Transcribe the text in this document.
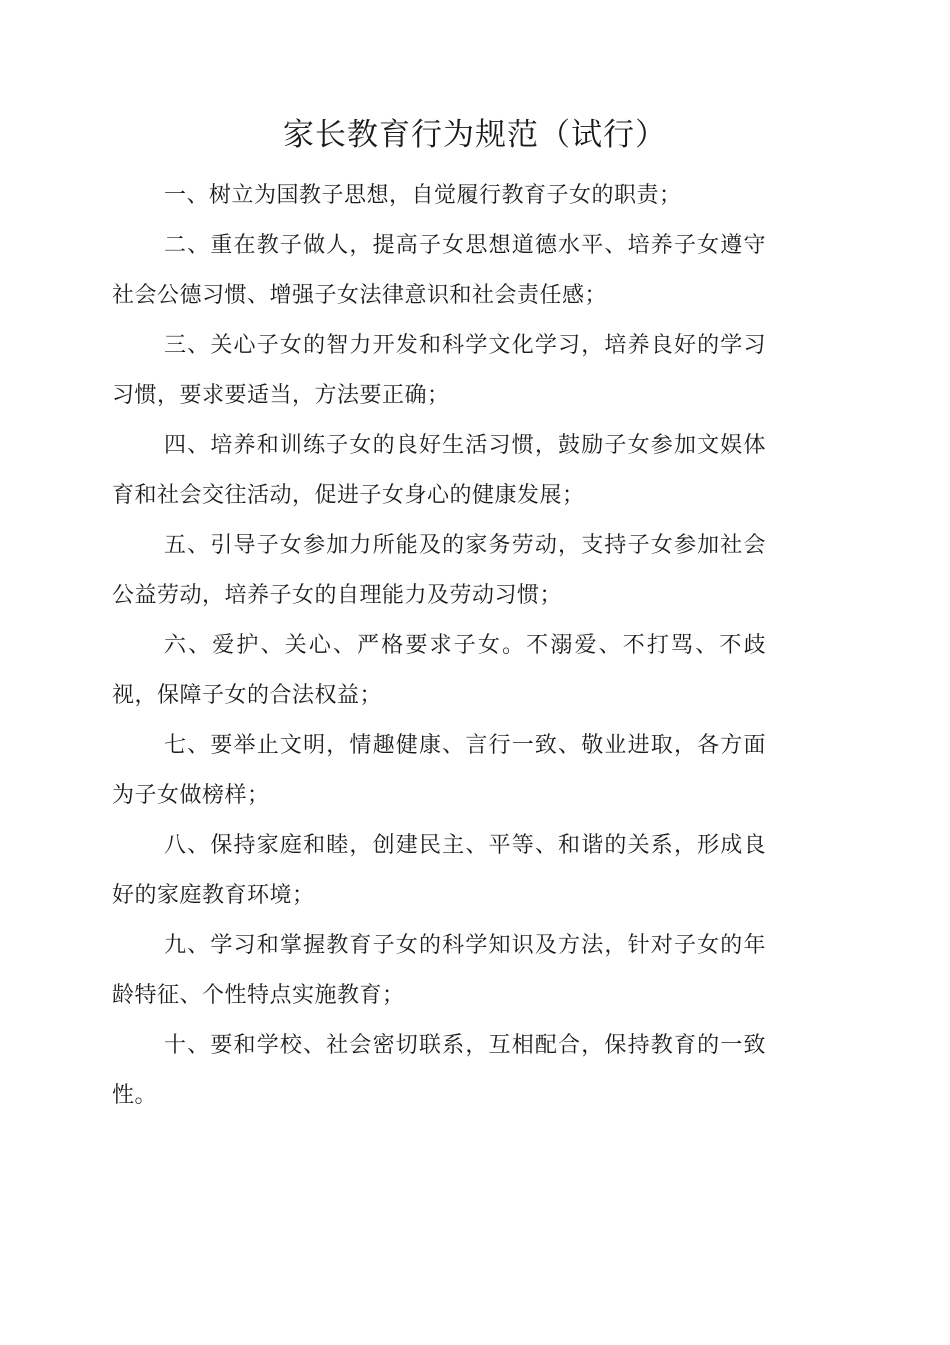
家长教育行为规范（试行）

一、树立为国教子思想，自觉履行教育子女的职责；

二、重在教子做人，提高子女思想道德水平、培养子女遵守社会公德习惯、增强子女法律意识和社会责任感；

三、关心子女的智力开发和科学文化学习，培养良好的学习习惯，要求要适当，方法要正确；

四、培养和训练子女的良好生活习惯，鼓励子女参加文娱体育和社会交往活动，促进子女身心的健康发展；

五、引导子女参加力所能及的家务劳动，支持子女参加社会公益劳动，培养子女的自理能力及劳动习惯；

六、爱护、关心、严格要求子女。不溺爱、不打骂、不歧视，保障子女的合法权益；

七、要举止文明，情趣健康、言行一致、敬业进取，各方面为子女做榜样；

八、保持家庭和睦，创建民主、平等、和谐的关系，形成良好的家庭教育环境；

九、学习和掌握教育子女的科学知识及方法，针对子女的年龄特征、个性特点实施教育；

十、要和学校、社会密切联系，互相配合，保持教育的一致性。
